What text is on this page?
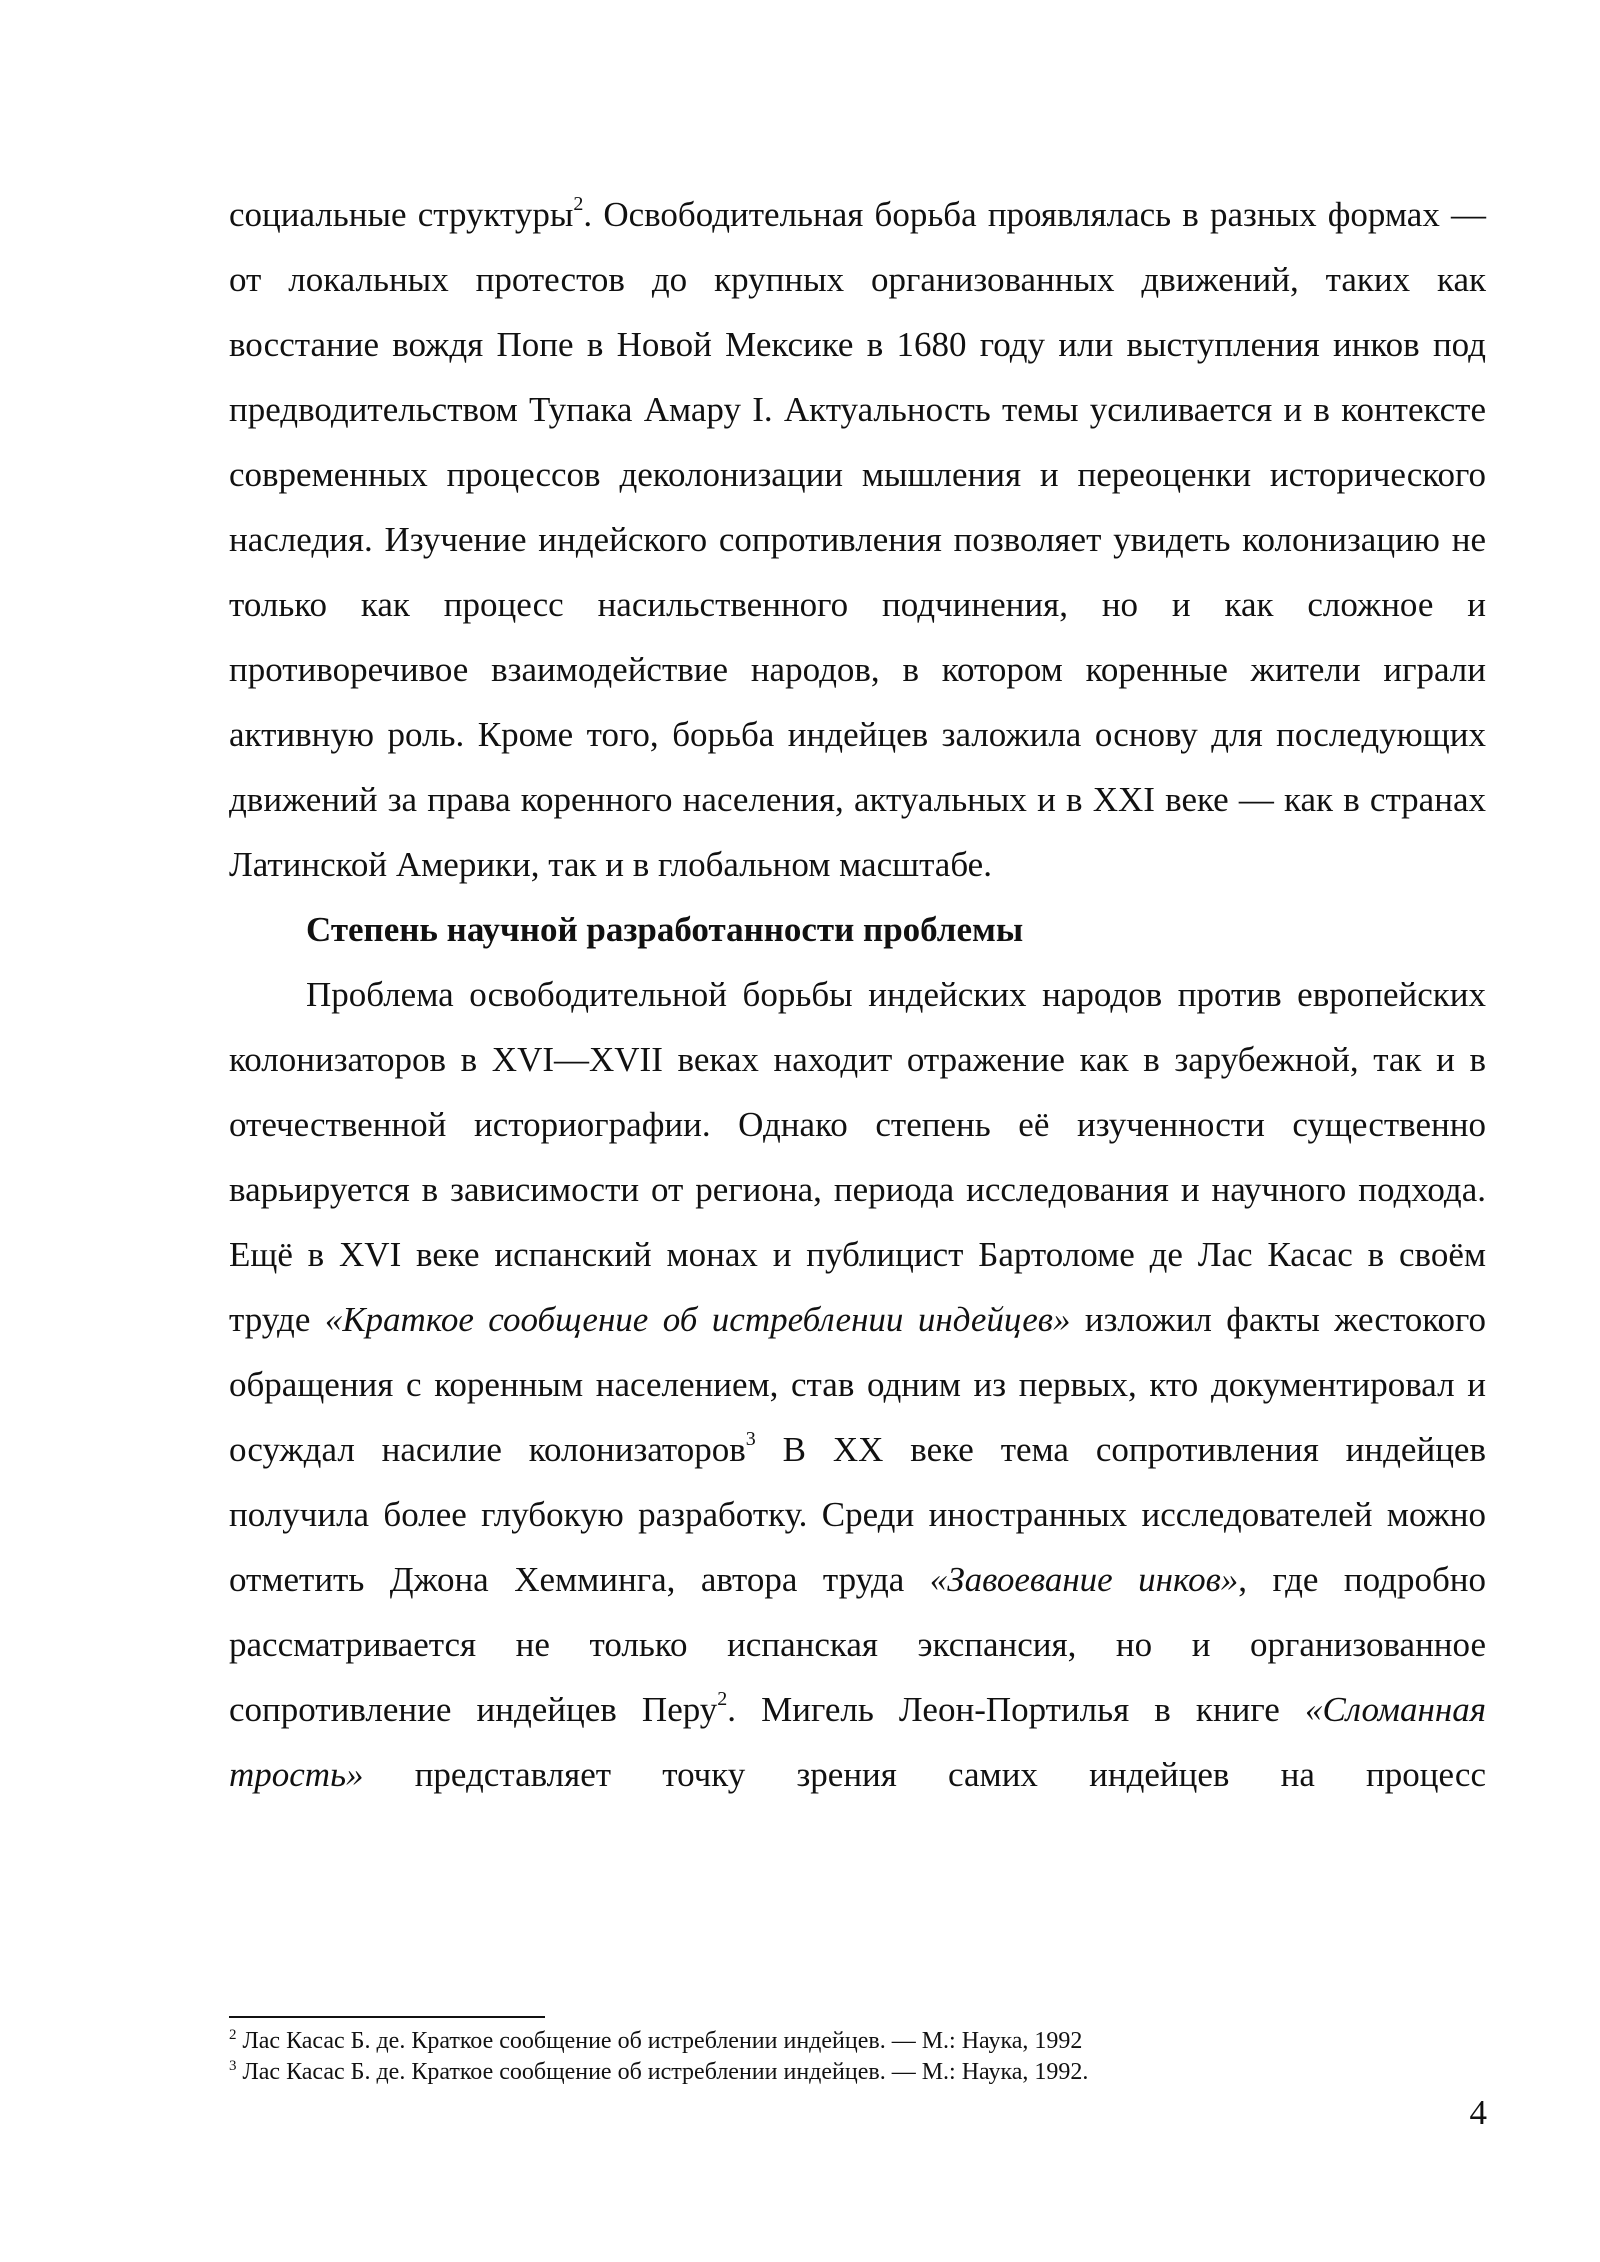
социальные структуры$^2$. Освободительная борьба проявлялась в разных формах — от локальных протестов до крупных организованных движений, таких как восстание вождя Попе в Новой Мексике в 1680 году или выступления инков под предводительством Тупака Амару I. Актуальность темы усиливается и в контексте современных процессов деколонизации мышления и переоценки исторического наследия. Изучение индейского сопротивления позволяет увидеть колонизацию не только как процесс насильственного подчинения, но и как сложное и противоречивое взаимодействие народов, в котором коренные жители играли активную роль. Кроме того, борьба индейцев заложила основу для последующих движений за права коренного населения, актуальных и в XXI веке — как в странах Латинской Америки, так и в глобальном масштабе.

Степень научной разработанности проблемы

Проблема освободительной борьбы индейских народов против европейских колонизаторов в XVI—XVII веках находит отражение как в зарубежной, так и в отечественной историографии. Однако степень её изученности существенно варьируется в зависимости от региона, периода исследования и научного подхода. Ещё в XVI веке испанский монах и публицист Бартоломе де Лас Касас в своём труде «Краткое сообщение об истреблении индейцев» изложил факты жестокого обращения с коренным населением, став одним из первых, кто документировал и осуждал насилие колонизаторов$^3$ В XX веке тема сопротивления индейцев получила более глубокую разработку. Среди иностранных исследователей можно отметить Джона Хемминга, автора труда «Завоевание инков», где подробно рассматривается не только испанская экспансия, но и организованное сопротивление индейцев Перу$^2$. Мигель Леон-Портилья в книге «Сломанная трость» представляет точку зрения самих индейцев на процесс

$^2$ Лас Касас Б. де. Краткое сообщение об истреблении индейцев. — М.: Наука, 1992

$^3$ Лас Касас Б. де. Краткое сообщение об истреблении индейцев. — М.: Наука, 1992.

4
